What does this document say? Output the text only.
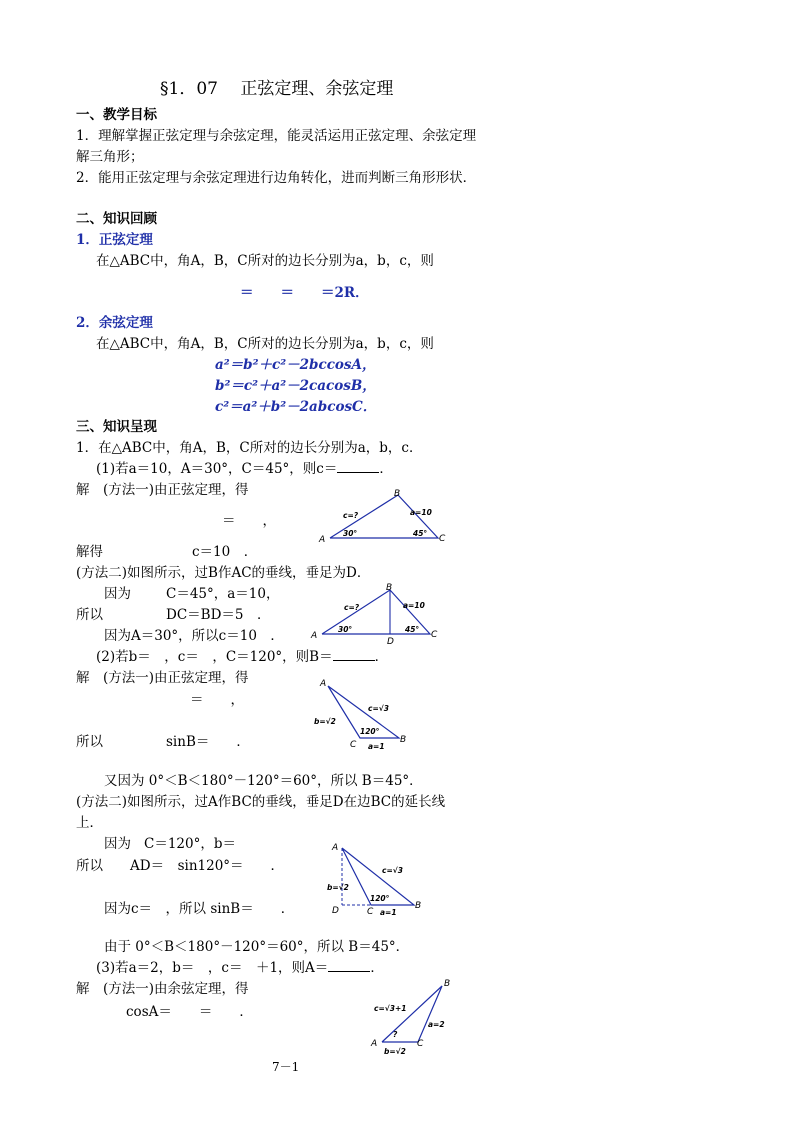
§1．07　 正弦定理、余弦定理
一、教学目标
1．理解掌握正弦定理与余弦定理，能灵活运用正弦定理、余弦定理
解三角形；
2．能用正弦定理与余弦定理进行边角转化，进而判断三角形形状．
二、知识回顾
1．正弦定理
在△ABC中，角A，B，C所对的边长分别为a，b，c，则
＝　　＝　　＝2R．
2．余弦定理
在△ABC中，角A，B，C所对的边长分别为a，b，c，则
a²＝b²＋c²－2bccosA，
b²＝c²＋a²－2cacosB，
c²＝a²＋b²－2abcosC．
三、知识呈现
1．在△ABC中，角A，B，C所对的边长分别为a，b，c．
(1)若a＝10，A＝30°，C＝45°，则c＝	．
解　(方法一)由正弦定理，得
＝　　，
解得	c＝10　．
(方法二)如图所示，过B作AC的垂线，垂足为D．
因为	C＝45°，a＝10，
所以	DC＝BD＝5　．
因为A＝30°，所以c＝10　．
(2)若b＝　，c＝　，C＝120°，则B＝	．
解　(方法一)由正弦定理，得
＝　　，
所以	sinB＝　　．
又因为 0°＜B＜180°－120°＝60°，所以 B＝45°．
(方法二)如图所示，过A作BC的垂线，垂足D在边BC的延长线
上．
因为 C＝120°，b＝　
所以 AD＝　sin120°＝　　．
因为c＝　，所以 sinB＝　　．
由于 0°＜B＜180°－120°＝60°，所以 B＝45°．
(3)若a＝2，b＝　，c＝　＋1，则A＝	．
解　(方法一)由余弦定理，得
cosA＝　　＝　　．
7－1
A
B
C
c=?	a=10
30°	45°
A
B
C
D
c=?	a=10
30°	45°
A
B
C
c=√3
b=√2
a=1
120°
A
B
C
D
c=√3
b=√2
a=1
120°
A
B
C
c=√3+1
a=2
b=√2
?
